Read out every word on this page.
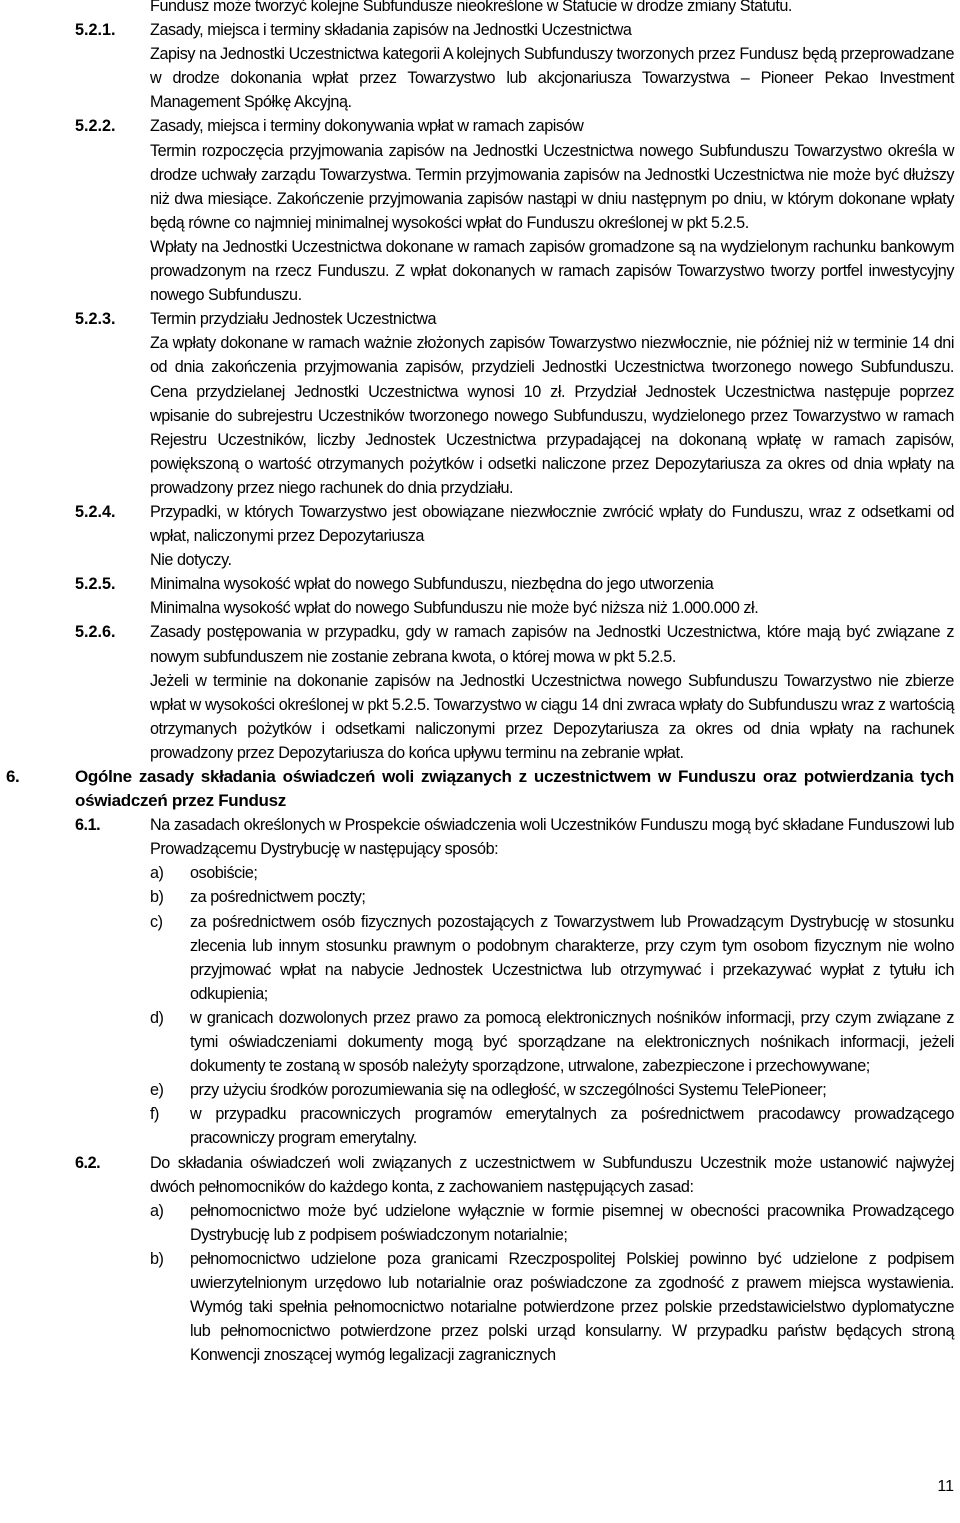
Fundusz może tworzyć kolejne Subfundusze nieokreślone w Statucie w drodze zmiany Statutu.

5.2.1. Zasady, miejsca i terminy składania zapisów na Jednostki Uczestnictwa

Zapisy na Jednostki Uczestnictwa kategorii A kolejnych Subfunduszy tworzonych przez Fundusz będą przeprowadzane w drodze dokonania wpłat przez Towarzystwo lub akcjonariusza Towarzystwa – Pioneer Pekao Investment Management Spółkę Akcyjną.

5.2.2. Zasady, miejsca i terminy dokonywania wpłat w ramach zapisów

Termin rozpoczęcia przyjmowania zapisów na Jednostki Uczestnictwa nowego Subfunduszu Towarzystwo określa w drodze uchwały zarządu Towarzystwa. Termin przyjmowania zapisów na Jednostki Uczestnictwa nie może być dłuższy niż dwa miesiące. Zakończenie przyjmowania zapisów nastąpi w dniu następnym po dniu, w którym dokonane wpłaty będą równe co najmniej minimalnej wysokości wpłat do Funduszu określonej w pkt 5.2.5.

Wpłaty na Jednostki Uczestnictwa dokonane w ramach zapisów gromadzone są na wydzielonym rachunku bankowym prowadzonym na rzecz Funduszu. Z wpłat dokonanych w ramach zapisów Towarzystwo tworzy portfel inwestycyjny nowego Subfunduszu.

5.2.3. Termin przydziału Jednostek Uczestnictwa

Za wpłaty dokonane w ramach ważnie złożonych zapisów Towarzystwo niezwłocznie, nie później niż w terminie 14 dni od dnia zakończenia przyjmowania zapisów, przydzieli Jednostki Uczestnictwa tworzonego nowego Subfunduszu. Cena przydzielanej Jednostki Uczestnictwa wynosi 10 zł. Przydział Jednostek Uczestnictwa następuje poprzez wpisanie do subrejestru Uczestników tworzonego nowego Subfunduszu, wydzielonego przez Towarzystwo w ramach Rejestru Uczestników, liczby Jednostek Uczestnictwa przypadającej na dokonaną wpłatę w ramach zapisów, powiększoną o wartość otrzymanych pożytków i odsetki naliczone przez Depozytariusza za okres od dnia wpłaty na prowadzony przez niego rachunek do dnia przydziału.

5.2.4. Przypadki, w których Towarzystwo jest obowiązane niezwłocznie zwrócić wpłaty do Funduszu, wraz z odsetkami od wpłat, naliczonymi przez Depozytariusza

Nie dotyczy.

5.2.5. Minimalna wysokość wpłat do nowego Subfunduszu, niezbędna do jego utworzenia

Minimalna wysokość wpłat do nowego Subfunduszu nie może być niższa niż 1.000.000 zł.

5.2.6. Zasady postępowania w przypadku, gdy w ramach zapisów na Jednostki Uczestnictwa, które mają być związane z nowym subfunduszem nie zostanie zebrana kwota, o której mowa w pkt 5.2.5.

Jeżeli w terminie na dokonanie zapisów na Jednostki Uczestnictwa nowego Subfunduszu Towarzystwo nie zbierze wpłat w wysokości określonej w pkt 5.2.5. Towarzystwo w ciągu 14 dni zwraca wpłaty do Subfunduszu wraz z wartością otrzymanych pożytków i odsetkami naliczonymi przez Depozytariusza za okres od dnia wpłaty na rachunek prowadzony przez Depozytariusza do końca upływu terminu na zebranie wpłat.

6.	Ogólne zasady składania oświadczeń woli związanych z uczestnictwem w Funduszu oraz potwierdzania tych oświadczeń przez Fundusz
6.1.	Na zasadach określonych w Prospekcie oświadczenia woli Uczestników Funduszu mogą być składane Funduszowi lub Prowadzącemu Dystrybucję w następujący sposób:

a) osobiście;
b) za pośrednictwem poczty;
c) za pośrednictwem osób fizycznych pozostających z Towarzystwem lub Prowadzącym Dystrybucję w stosunku zlecenia lub innym stosunku prawnym o podobnym charakterze, przy czym tym osobom fizycznym nie wolno przyjmować wpłat na nabycie Jednostek Uczestnictwa lub otrzymywać i przekazywać wypłat z tytułu ich odkupienia;
d) w granicach dozwolonych przez prawo za pomocą elektronicznych nośników informacji, przy czym związane z tymi oświadczeniami dokumenty mogą być sporządzane na elektronicznych nośnikach informacji, jeżeli dokumenty te zostaną w sposób należyty sporządzone, utrwalone, zabezpieczone i przechowywane;
e) przy użyciu środków porozumiewania się na odległość, w szczególności Systemu TelePioneer;
f) w przypadku pracowniczych programów emerytalnych za pośrednictwem pracodawcy prowadzącego pracowniczy program emerytalny.
6.2.	Do składania oświadczeń woli związanych z uczestnictwem w Subfunduszu Uczestnik może ustanowić najwyżej dwóch pełnomocników do każdego konta, z zachowaniem następujących zasad:

a) pełnomocnictwo może być udzielone wyłącznie w formie pisemnej w obecności pracownika Prowadzącego Dystrybucję lub z podpisem poświadczonym notarialnie;
b) pełnomocnictwo udzielone poza granicami Rzeczpospolitej Polskiej powinno być udzielone z podpisem uwierzytelnionym urzędowo lub notarialnie oraz poświadczone za zgodność z prawem miejsca wystawienia. Wymóg taki spełnia pełnomocnictwo notarialne potwierdzone przez polskie przedstawicielstwo dyplomatyczne lub pełnomocnictwo potwierdzone przez polski urząd konsularny. W przypadku państw będących stroną Konwencji znoszącej wymóg legalizacji zagranicznych
11
